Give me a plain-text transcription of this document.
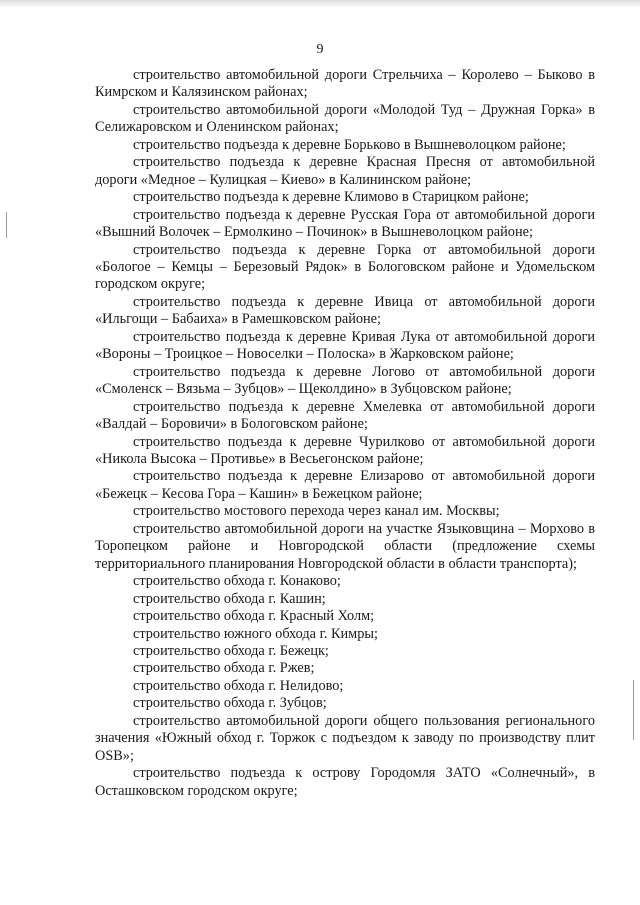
9

строительство автомобильной дороги Стрельчиха – Королево – Быково в Кимрском и Калязинском районах;

строительство автомобильной дороги «Молодой Туд – Дружная Горка» в Селижаровском и Оленинском районах;

строительство подъезда к деревне Борьково в Вышневолоцком районе;

строительство подъезда к деревне Красная Пресня от автомобильной дороги «Медное – Кулицкая – Киево» в Калининском районе;

строительство подъезда к деревне Климово в Старицком районе;

строительство подъезда к деревне Русская Гора от автомобильной дороги «Вышний Волочек – Ермолкино – Починок» в Вышневолоцком районе;

строительство подъезда к деревне Горка от автомобильной дороги «Бологое – Кемцы – Березовый Рядок» в Бологовском районе и Удомельском городском округе;

строительство подъезда к деревне Ивица от автомобильной дороги «Ильгощи – Бабаиха» в Рамешковском районе;

строительство подъезда к деревне Кривая Лука от автомобильной дороги «Вороны – Троицкое – Новоселки – Полоска» в Жарковском районе;

строительство подъезда к деревне Логово от автомобильной дороги «Смоленск – Вязьма – Зубцов» – Щеколдино» в Зубцовском районе;

строительство подъезда к деревне Хмелевка от автомобильной дороги «Валдай – Боровичи» в Бологовском районе;

строительство подъезда к деревне Чурилково от автомобильной дороги «Никола Высока – Противье» в Весьегонском районе;

строительство подъезда к деревне Елизарово от автомобильной дороги «Бежецк – Кесова Гора – Кашин» в Бежецком районе;

строительство мостового перехода через канал им. Москвы;

строительство автомобильной дороги на участке Языковщина – Морхово в Торопецком районе и Новгородской области (предложение схемы территориального планирования Новгородской области в области транспорта);

строительство обхода г. Конаково;

строительство обхода г. Кашин;

строительство обхода г. Красный Холм;

строительство южного обхода г. Кимры;

строительство обхода г. Бежецк;

строительство обхода г. Ржев;

строительство обхода г. Нелидово;

строительство обхода г. Зубцов;

строительство автомобильной дороги общего пользования регионального значения «Южный обход г. Торжок с подъездом к заводу по производству плит OSB»;

строительство подъезда к острову Городомля ЗАТО «Солнечный», в Осташковском городском округе;
